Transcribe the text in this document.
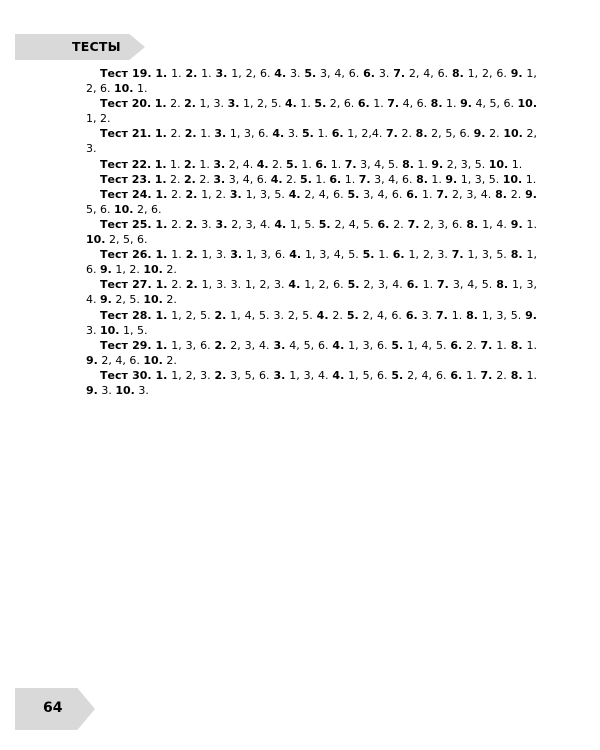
ТЕСТЫ

Тест 19. 1. 1. 2. 1. 3. 1, 2, 6. 4. 3. 5. 3, 4, 6. 6. 3. 7. 2, 4, 6. 8. 1, 2, 6. 9. 1, 2, 6. 10. 1.

Тест 20. 1. 2. 2. 1, 3. 3. 1, 2, 5. 4. 1. 5. 2, 6. 6. 1. 7. 4, 6. 8. 1. 9. 4, 5, 6. 10. 1, 2.

Тест 21. 1. 2. 2. 1. 3. 1, 3, 6. 4. 3. 5. 1. 6. 1, 2,4. 7. 2. 8. 2, 5, 6. 9. 2. 10. 2, 3.

Тест 22. 1. 1. 2. 1. 3. 2, 4. 4. 2. 5. 1. 6. 1. 7. 3, 4, 5. 8. 1. 9. 2, 3, 5. 10. 1.

Тест 23. 1. 2. 2. 2. 3. 3, 4, 6. 4. 2. 5. 1. 6. 1. 7. 3, 4, 6. 8. 1. 9. 1, 3, 5. 10. 1.

Тест 24. 1. 2. 2. 1, 2. 3. 1, 3, 5. 4. 2, 4, 6. 5. 3, 4, 6. 6. 1. 7. 2, 3, 4. 8. 2. 9. 5, 6. 10. 2, 6.

Тест 25. 1. 2. 2. 3. 3. 2, 3, 4. 4. 1, 5. 5. 2, 4, 5. 6. 2. 7. 2, 3, 6. 8. 1, 4. 9. 1. 10. 2, 5, 6.

Тест 26. 1. 1. 2. 1, 3. 3. 1, 3, 6. 4. 1, 3, 4, 5. 5. 1. 6. 1, 2, 3. 7. 1, 3, 5. 8. 1, 6. 9. 1, 2. 10. 2.

Тест 27. 1. 2. 2. 1, 3. 3. 1, 2, 3. 4. 1, 2, 6. 5. 2, 3, 4. 6. 1. 7. 3, 4, 5. 8. 1, 3, 4. 9. 2, 5. 10. 2.

Тест 28. 1. 1, 2, 5. 2. 1, 4, 5. 3. 2, 5. 4. 2. 5. 2, 4, 6. 6. 3. 7. 1. 8. 1, 3, 5. 9. 3. 10. 1, 5.

Тест 29. 1. 1, 3, 6. 2. 2, 3, 4. 3. 4, 5, 6. 4. 1, 3, 6. 5. 1, 4, 5. 6. 2. 7. 1. 8. 1. 9. 2, 4, 6. 10. 2.

Тест 30. 1. 1, 2, 3. 2. 3, 5, 6. 3. 1, 3, 4. 4. 1, 5, 6. 5. 2, 4, 6. 6. 1. 7. 2. 8. 1. 9. 3. 10. 3.

64
